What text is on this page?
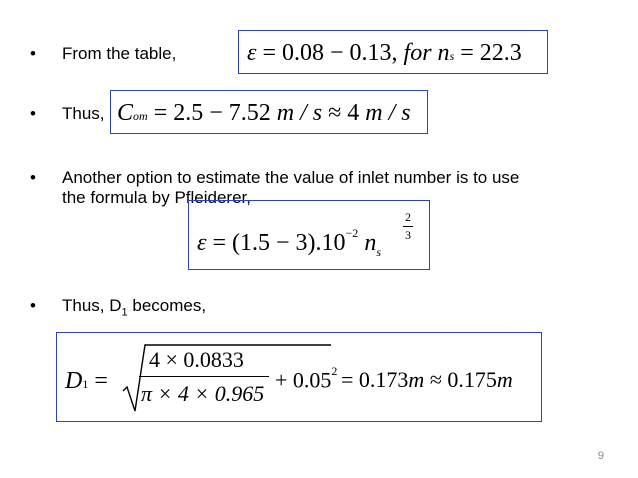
• From the table,	ε = 0.08 − 0.13, for ns = 22.3
• Thus, Com = 2.5 − 7.52 m / s ≈ 4 m / s
• Another option to estimate the value of inlet number is to use
the formula by Pfleiderer,
$\varepsilon = (1.5 - 3).10^{-2}$ $n_s$
2
3
• Thus, $D_1$ becomes,
D1 =
4 × 0.0833
π × 4 × 0.965
+ $0.05^2 = 0.173m \approx 0.175m$
9
